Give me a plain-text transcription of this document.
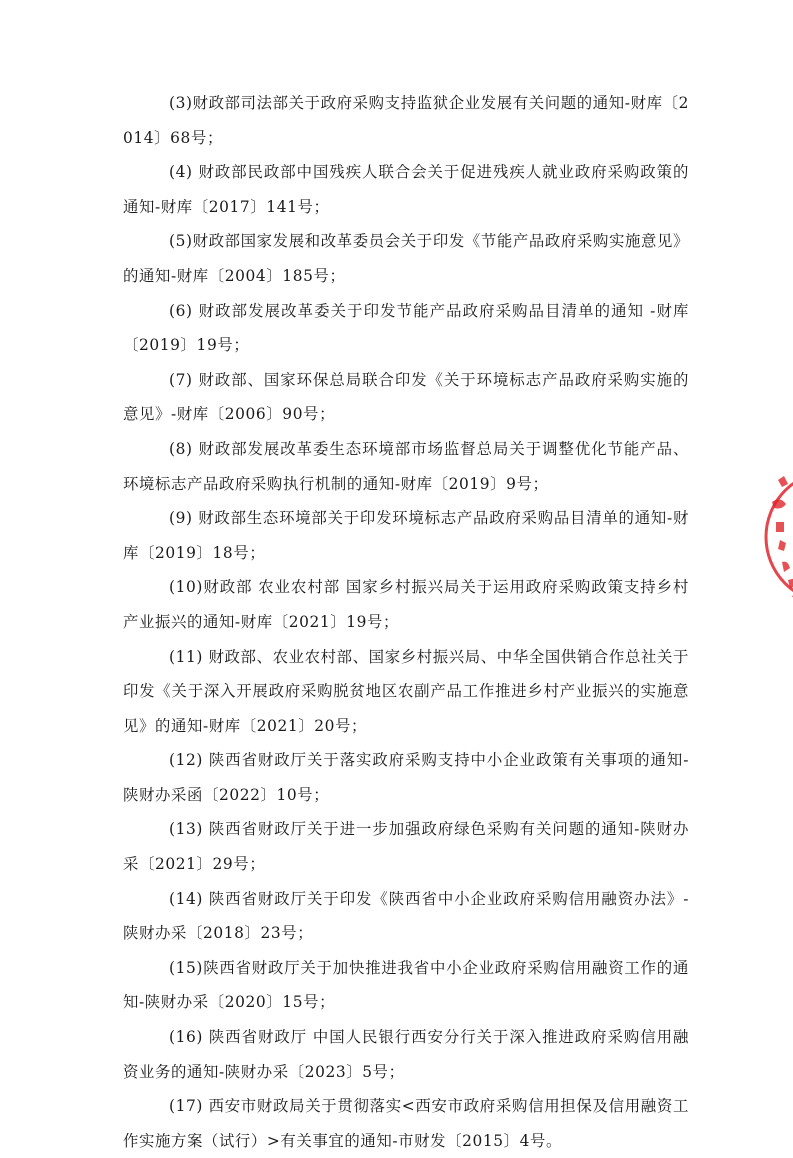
(3)财政部司法部关于政府采购支持监狱企业发展有关问题的通知-财库〔2014〕68号；

(4) 财政部民政部中国残疾人联合会关于促进残疾人就业政府采购政策的通知-财库〔2017〕141号；

(5)财政部国家发展和改革委员会关于印发《节能产品政府采购实施意见》的通知-财库〔2004〕185号；

(6) 财政部发展改革委关于印发节能产品政府采购品目清单的通知 -财库〔2019〕19号；

(7) 财政部、国家环保总局联合印发《关于环境标志产品政府采购实施的意见》-财库〔2006〕90号；

(8) 财政部发展改革委生态环境部市场监督总局关于调整优化节能产品、环境标志产品政府采购执行机制的通知-财库〔2019〕9号；

(9) 财政部生态环境部关于印发环境标志产品政府采购品目清单的通知-财库〔2019〕18号；

(10)财政部 农业农村部 国家乡村振兴局关于运用政府采购政策支持乡村产业振兴的通知-财库〔2021〕19号；

(11) 财政部、农业农村部、国家乡村振兴局、中华全国供销合作总社关于印发《关于深入开展政府采购脱贫地区农副产品工作推进乡村产业振兴的实施意见》的通知-财库〔2021〕20号；

(12) 陕西省财政厅关于落实政府采购支持中小企业政策有关事项的通知-陕财办采函〔2022〕10号；

(13) 陕西省财政厅关于进一步加强政府绿色采购有关问题的通知-陕财办采〔2021〕29号；

(14) 陕西省财政厅关于印发《陕西省中小企业政府采购信用融资办法》-陕财办采〔2018〕23号；

(15)陕西省财政厅关于加快推进我省中小企业政府采购信用融资工作的通知-陕财办采〔2020〕15号；

(16) 陕西省财政厅 中国人民银行西安分行关于深入推进政府采购信用融资业务的通知-陕财办采〔2023〕5号；

(17) 西安市财政局关于贯彻落实<西安市政府采购信用担保及信用融资工作实施方案（试行）>有关事宜的通知-市财发〔2015〕4号。
